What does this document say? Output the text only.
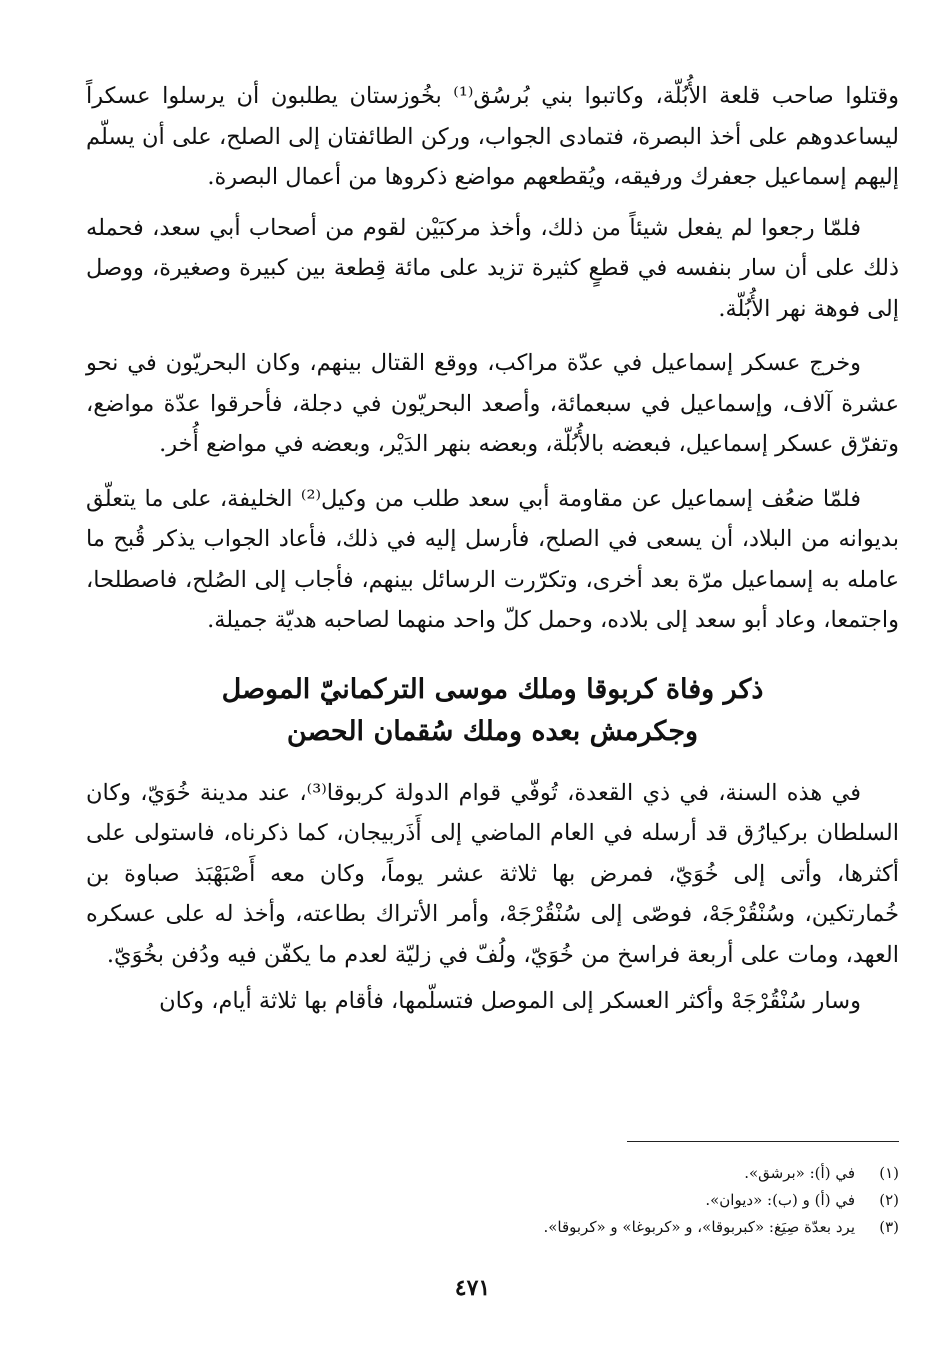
وقتلوا صاحب قلعة الأُبُلّة، وكاتبوا بني بُرسُق⁽¹⁾ بخُوزستان يطلبون أن يرسلوا عسكراً ليساعدوهم على أخذ البصرة، فتمادى الجواب، وركن الطائفتان إلى الصلح، على أن يسلّم إليهم إسماعيل جعفرك ورفيقه، ويُقطعهم مواضع ذكروها من أعمال البصرة.

فلمّا رجعوا لم يفعل شيئاً من ذلك، وأخذ مركبَيْن لقوم من أصحاب أبي سعد، فحمله ذلك على أن سار بنفسه في قطعٍ كثيرة تزيد على مائة قِطعة بين كبيرة وصغيرة، ووصل إلى فوهة نهر الأُبُلّة.

وخرج عسكر إسماعيل في عدّة مراكب، ووقع القتال بينهم، وكان البحريّون في نحو عشرة آلاف، وإسماعيل في سبعمائة، وأصعد البحريّون في دجلة، فأحرقوا عدّة مواضع، وتفرّق عسكر إسماعيل، فبعضه بالأُبُلّة، وبعضه بنهر الدَيْر، وبعضه في مواضع أُخر.

فلمّا ضعُف إسماعيل عن مقاومة أبي سعد طلب من وكيل⁽²⁾ الخليفة، على ما يتعلّق بديوانه من البلاد، أن يسعى في الصلح، فأرسل إليه في ذلك، فأعاد الجواب يذكر قُبح ما عامله به إسماعيل مرّة بعد أخرى، وتكرّرت الرسائل بينهم، فأجاب إلى الصُلح، فاصطلحا، واجتمعا، وعاد أبو سعد إلى بلاده، وحمل كلّ واحد منهما لصاحبه هديّة جميلة.

ذكر وفاة كربوقا وملك موسى التركمانيّ الموصل
وجكرمش بعده وملك سُقمان الحصن

في هذه السنة، في ذي القعدة، تُوفّي قوام الدولة كربوقا⁽³⁾، عند مدينة خُوَيّ، وكان السلطان بركيارُق قد أرسله في العام الماضي إلى أَذَربيجان، كما ذكرناه، فاستولى على أكثرها، وأتى إلى خُوَيّ، فمرض بها ثلاثة عشر يوماً، وكان معه أَصْبَهْبَذ صباوة بن خُمارتكين، وسُنْقُرْجَهْ، فوصّى إلى سُنْقُرْجَهْ، وأمر الأتراك بطاعته، وأخذ له على عسكره العهد، ومات على أربعة فراسخ من خُوَيّ، ولُفّ في زليّة لعدم ما يكفّن فيه ودُفن بخُوَيّ.

وسار سُنْقُرْجَهْ وأكثر العسكر إلى الموصل فتسلّمها، فأقام بها ثلاثة أيام، وكان

(١)
في (أ): «برشق».
(٢)
في (أ) و (ب): «ديوان».
(٣)
يرد بعدّة صِيَغ: «كبربوقا»، و «كربوغا» و «كربوقا».
٤٧١
